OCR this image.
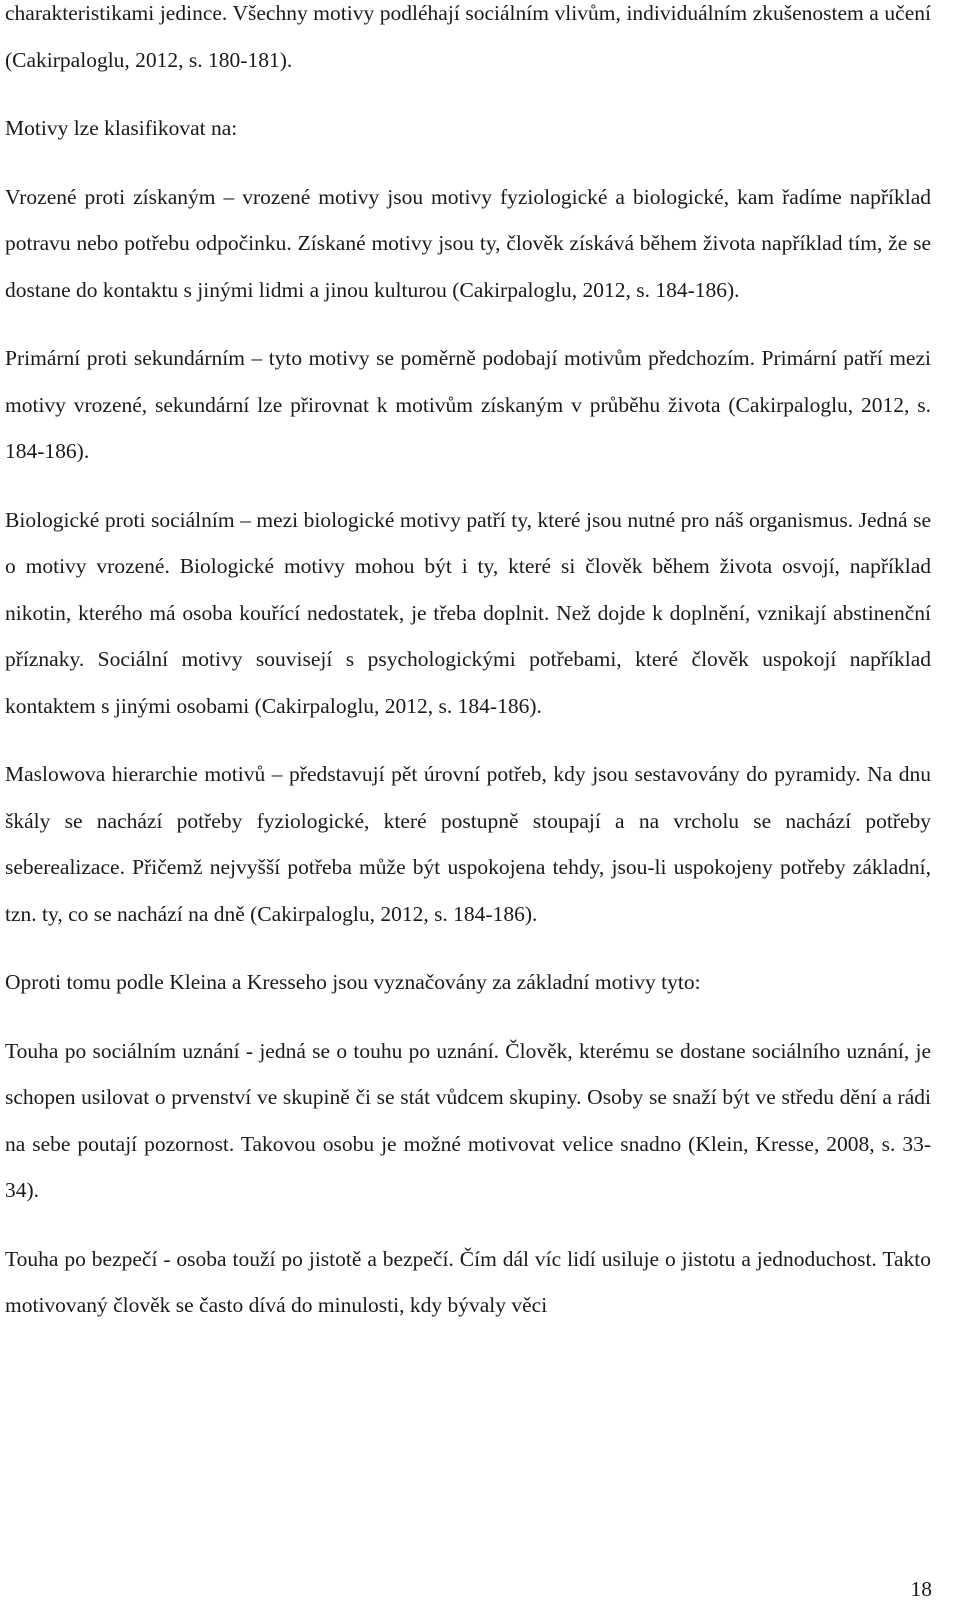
charakteristikami jedince. Všechny motivy podléhají sociálním vlivům, individuálním zkušenostem a učení (Cakirpaloglu, 2012, s. 180-181).

Motivy lze klasifikovat na:

Vrozené proti získaným – vrozené motivy jsou motivy fyziologické a biologické, kam řadíme například potravu nebo potřebu odpočinku. Získané motivy jsou ty, člověk získává během života například tím, že se dostane do kontaktu s jinými lidmi a jinou kulturou (Cakirpaloglu, 2012, s. 184-186).

Primární proti sekundárním – tyto motivy se poměrně podobají motivům předchozím. Primární patří mezi motivy vrozené, sekundární lze přirovnat k motivům získaným v průběhu života (Cakirpaloglu, 2012, s. 184-186).

Biologické proti sociálním – mezi biologické motivy patří ty, které jsou nutné pro náš organismus. Jedná se o motivy vrozené. Biologické motivy mohou být i ty, které si člověk během života osvojí, například nikotin, kterého má osoba kouřící nedostatek, je třeba doplnit. Než dojde k doplnění, vznikají abstinenční příznaky. Sociální motivy souvisejí s psychologickými potřebami, které člověk uspokojí například kontaktem s jinými osobami (Cakirpaloglu, 2012, s. 184-186).

Maslowova hierarchie motivů – představují pět úrovní potřeb, kdy jsou sestavovány do pyramidy. Na dnu škály se nachází potřeby fyziologické, které postupně stoupají a na vrcholu se nachází potřeby seberealizace. Přičemž nejvyšší potřeba může být uspokojena tehdy, jsou-li uspokojeny potřeby základní, tzn. ty, co se nachází na dně (Cakirpaloglu, 2012, s. 184-186).

Oproti tomu podle Kleina a Kresseho jsou vyznačovány za základní motivy tyto:

Touha po sociálním uznání - jedná se o touhu po uznání. Člověk, kterému se dostane sociálního uznání, je schopen usilovat o prvenství ve skupině či se stát vůdcem skupiny. Osoby se snaží být ve středu dění a rádi na sebe poutají pozornost. Takovou osobu je možné motivovat velice snadno (Klein, Kresse, 2008, s. 33-34).

Touha po bezpečí - osoba touží po jistotě a bezpečí. Čím dál víc lidí usiluje o jistotu a jednoduchost. Takto motivovaný člověk se často dívá do minulosti, kdy bývaly věci

18
